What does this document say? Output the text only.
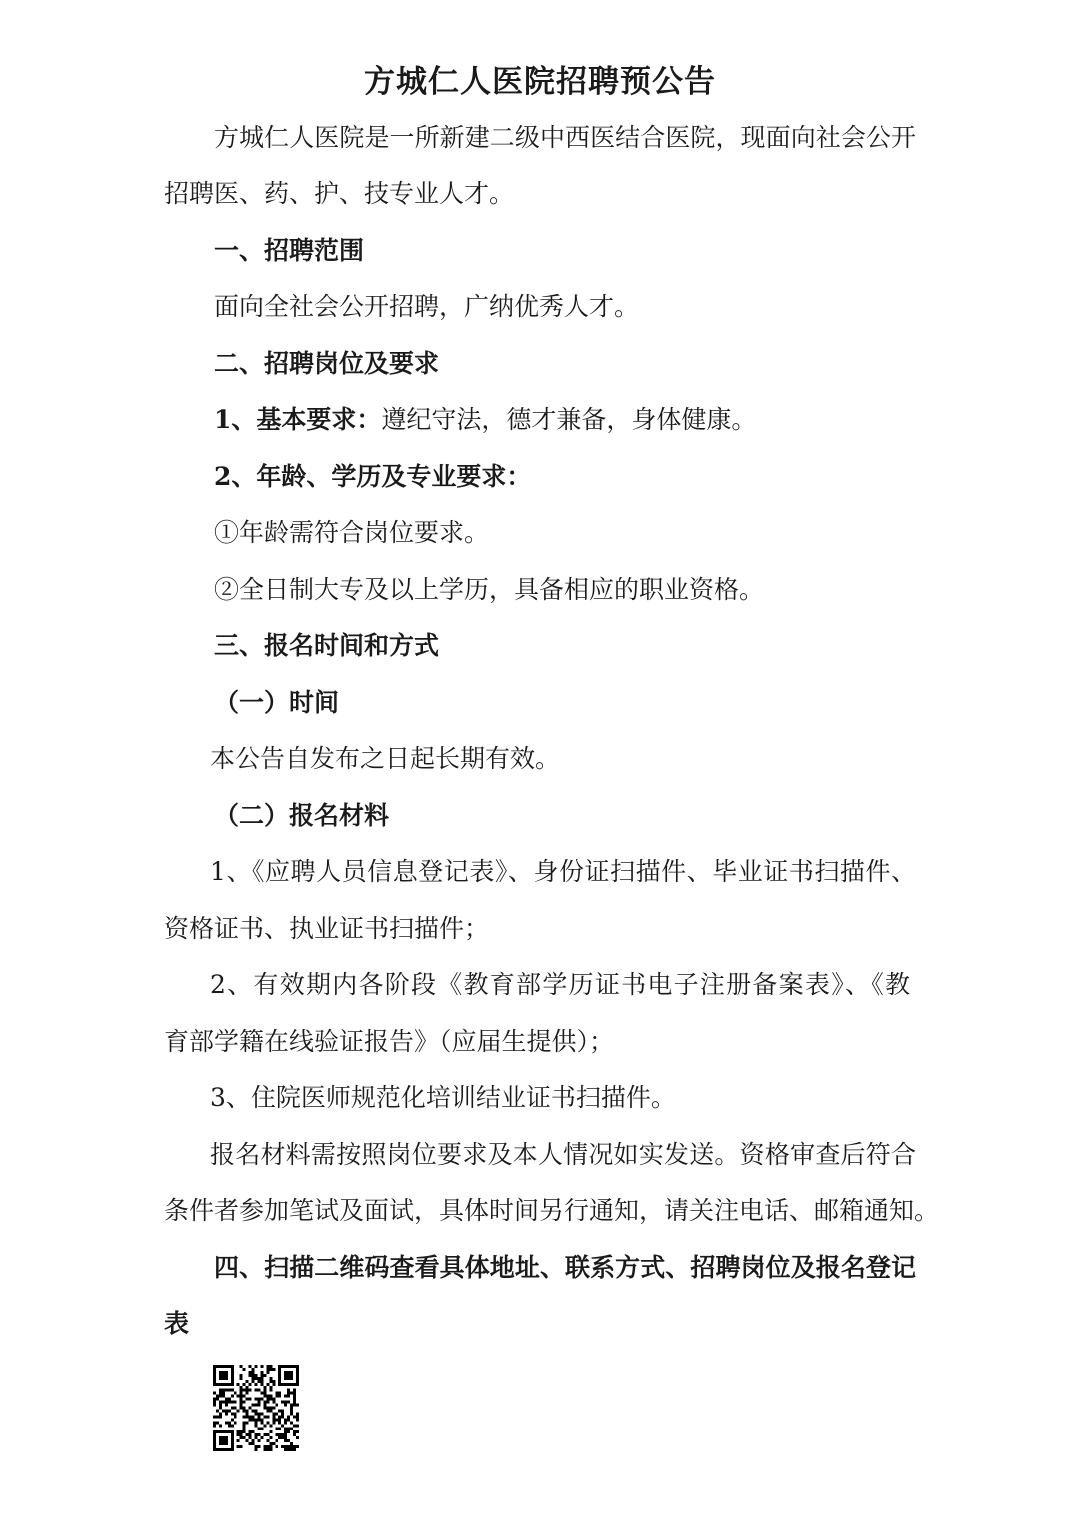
方城仁人医院招聘预公告
方城仁人医院是一所新建二级中西医结合医院，现面向社会公开
招聘医、药、护、技专业人才。
一、招聘范围
面向全社会公开招聘，广纳优秀人才。
二、招聘岗位及要求
1、基本要求：遵纪守法，德才兼备，身体健康。
2、年龄、学历及专业要求：
①年龄需符合岗位要求。
②全日制大专及以上学历，具备相应的职业资格。
三、报名时间和方式
（一）时间
本公告自发布之日起长期有效。
（二）报名材料
1、《应聘人员信息登记表》、身份证扫描件、毕业证书扫描件、
资格证书、执业证书扫描件；
2、有效期内各阶段《教育部学历证书电子注册备案表》、《教
育部学籍在线验证报告》（应届生提供）；
3、住院医师规范化培训结业证书扫描件。
报名材料需按照岗位要求及本人情况如实发送。资格审查后符合
条件者参加笔试及面试，具体时间另行通知，请关注电话、邮箱通知。
四、扫描二维码查看具体地址、联系方式、招聘岗位及报名登记
表
